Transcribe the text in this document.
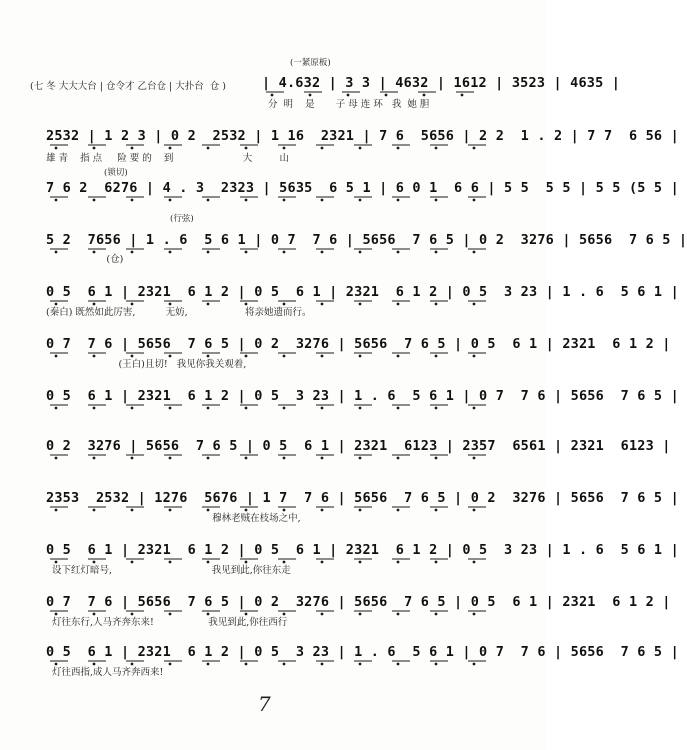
(一紧原板)
(七 冬 大大大台 | 仓令才 乙台仓 | 大扑台  仓 )	| 4.632 | 3 3 | 4632 | 1612 | 3523 | 4635 |
分  明    是       子 母 连 环   我  她 胆
2532 | 1 2 3 | 0 2  2532 | 1 16  2321 | 7 6  5656 | 2 2  1 . 2 | 7 7  6 56 |
雄 青    指 点     险 要 的    到                       大         山
(锁切)
7 6 2  6276 | 4 . 3  2323 | 5635  6 5 1 | 6 0 1  6 6 | 5 5  5 5 | 5 5 (5 5 |
(行弦)
5 2  7656 | 1 . 6  5 6 1 | 0 7  7 6 | 5656  7 6 5 | 0 2  3276 | 5656  7 6 5 |
(仓)
0 5  6 1 | 2321  6 1 2 | 0 5  6 1 | 2321  6 1 2 | 0 5  3 23 | 1 . 6  5 6 1 |
(秦白) 既然如此厉害,          无妨,                   将亲她遗而行。
0 7  7 6 | 5656  7 6 5 | 0 2  3276 | 5656  7 6 5 | 0 5  6 1 | 2321  6 1 2 |
(王白)且切!   我见你我关观着,
0 5  6 1 | 2321  6 1 2 | 0 5  3 23 | 1 . 6  5 6 1 | 0 7  7 6 | 5656  7 6 5 |
0 2  3276 | 5656  7 6 5 | 0 5  6 1 | 2321  6123 | 2357  6561 | 2321  6123 |
2353  2532 | 1276  5676 | 1 7  7 6 | 5656  7 6 5 | 0 2  3276 | 5656  7 6 5 |
穆林老贼在枝场之中,
0 5  6 1 | 2321  6 1 2 | 0 5  6 1 | 2321  6 1 2 | 0 5  3 23 | 1 . 6  5 6 1 |
设下红灯暗号,                                 我见到此,你往东走
0 7  7 6 | 5656  7 6 5 | 0 2  3276 | 5656  7 6 5 | 0 5  6 1 | 2321  6 1 2 |
灯往东行,人马齐奔东来!                  我见到此,你往西行
0 5  6 1 | 2321  6 1 2 | 0 5  3 23 | 1 . 6  5 6 1 | 0 7  7 6 | 5656  7 6 5 |
灯往西指,成人马齐奔西来!
7
